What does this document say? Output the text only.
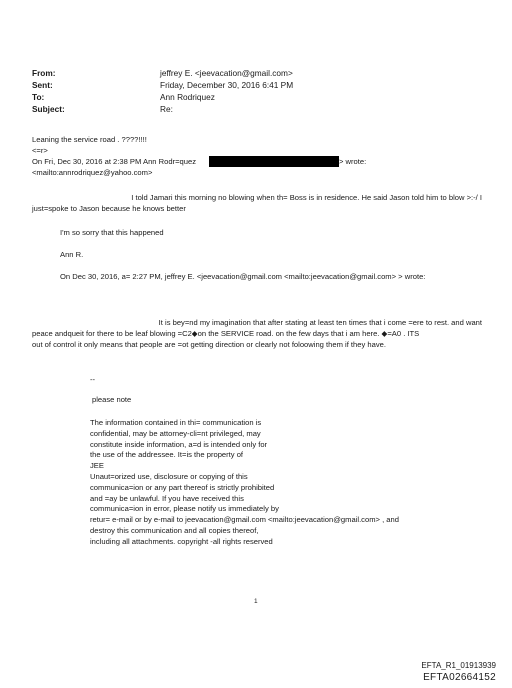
From:
Sent:
To:
Subject:
jeffrey E. <jeevacation@gmail.com>
Friday, December 30, 2016 6:41 PM
Ann Rodriquez
Re:
Leaning the service road . ????!!!!
<=r>
On Fri, Dec 30, 2016 at 2:38 PM Ann Rodr=quez	> wrote:
<mailto:annrodriquez@yahoo.com>
I told Jamari this morning no blowing when th= Boss is in residence. He said Jason told him to blow >:-/ I
just=spoke to Jason because he knows better
I'm so sorry that this happened
Ann R.
On Dec 30, 2016, a= 2:27 PM, jeffrey E. <jeevacation@gmail.com <mailto:jeevacation@gmail.com> > wrote:
It is bey=nd my imagination that after stating at least ten times that i come =ere to rest. and want
peace andqueit for there to be leaf blowing =C2◆on the SERVICE road. on the few days that i am here. ◆=A0 . ITS
out of control it only means that people are =ot getting direction or clearly not foloowing them if they have.
--
please note
The information contained in thi= communication is
confidential, may be attorney-cli=nt privileged, may
constitute inside information, a=d is intended only for
the use of the addressee. It=is the property of
JEE
Unaut=orized use, disclosure or copying of this
communica=ion or any part thereof is strictly prohibited
and =ay be unlawful. If you have received this
communica=ion in error, please notify us immediately by
retur= e-mail or by e-mail to jeevacation@gmail.com <mailto:jeevacation@gmail.com> , and
destroy this communication and all copies thereof,
including all attachments. copyright -all rights reserved
1
EFTA_R1_01913939
EFTA02664152
